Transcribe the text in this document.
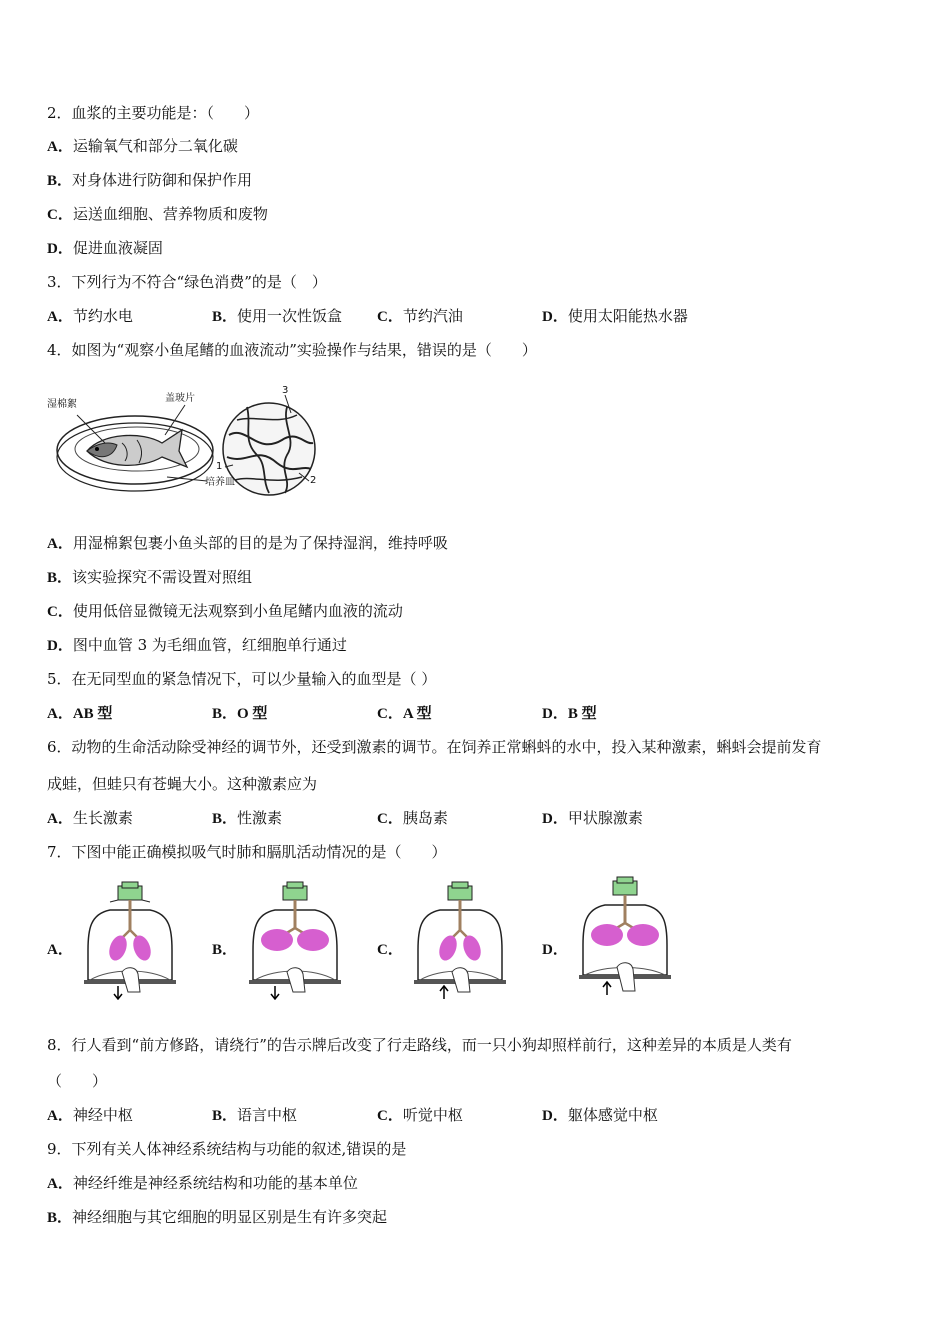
2．血浆的主要功能是：（　　）
A．运输氧气和部分二氧化碳
B．对身体进行防御和保护作用
C．运送血细胞、营养物质和废物
D．促进血液凝固
3．下列行为不符合“绿色消费”的是（　）
A．节约水电	B．使用一次性饭盒 C．节约汽油	D．使用太阳能热水器
4．如图为“观察小鱼尾鳍的血液流动”实验操作与结果，错误的是（　　）
湿棉絮
盖玻片
培养皿
3
1
2
A．用湿棉絮包裹小鱼头部的目的是为了保持湿润，维持呼吸
B．该实验探究不需设置对照组
C．使用低倍显微镜无法观察到小鱼尾鳍内血液的流动
D．图中血管 3 为毛细血管，红细胞单行通过
5．在无同型血的紧急情况下，可以少量输入的血型是（ ）
A．AB 型	B．O 型	C．A 型	D．B 型
6．动物的生命活动除受神经的调节外，还受到激素的调节。在饲养正常蝌蚪的水中，投入某种激素，蝌蚪会提前发育
成蛙，但蛙只有苍蝇大小。这种激素应为
A．生长激素	B．性激素	C．胰岛素	D．甲状腺激素
7．下图中能正确模拟吸气时肺和膈肌活动情况的是（　　）
A．	B．	C．	D．
8．行人看到“前方修路，请绕行”的告示牌后改变了行走路线，而一只小狗却照样前行，这种差异的本质是人类有
（　　）
A．神经中枢	B．语言中枢	C．听觉中枢	D．躯体感觉中枢
9．下列有关人体神经系统结构与功能的叙述,错误的是
A．神经纤维是神经系统结构和功能的基本单位
B．神经细胞与其它细胞的明显区别是生有许多突起
